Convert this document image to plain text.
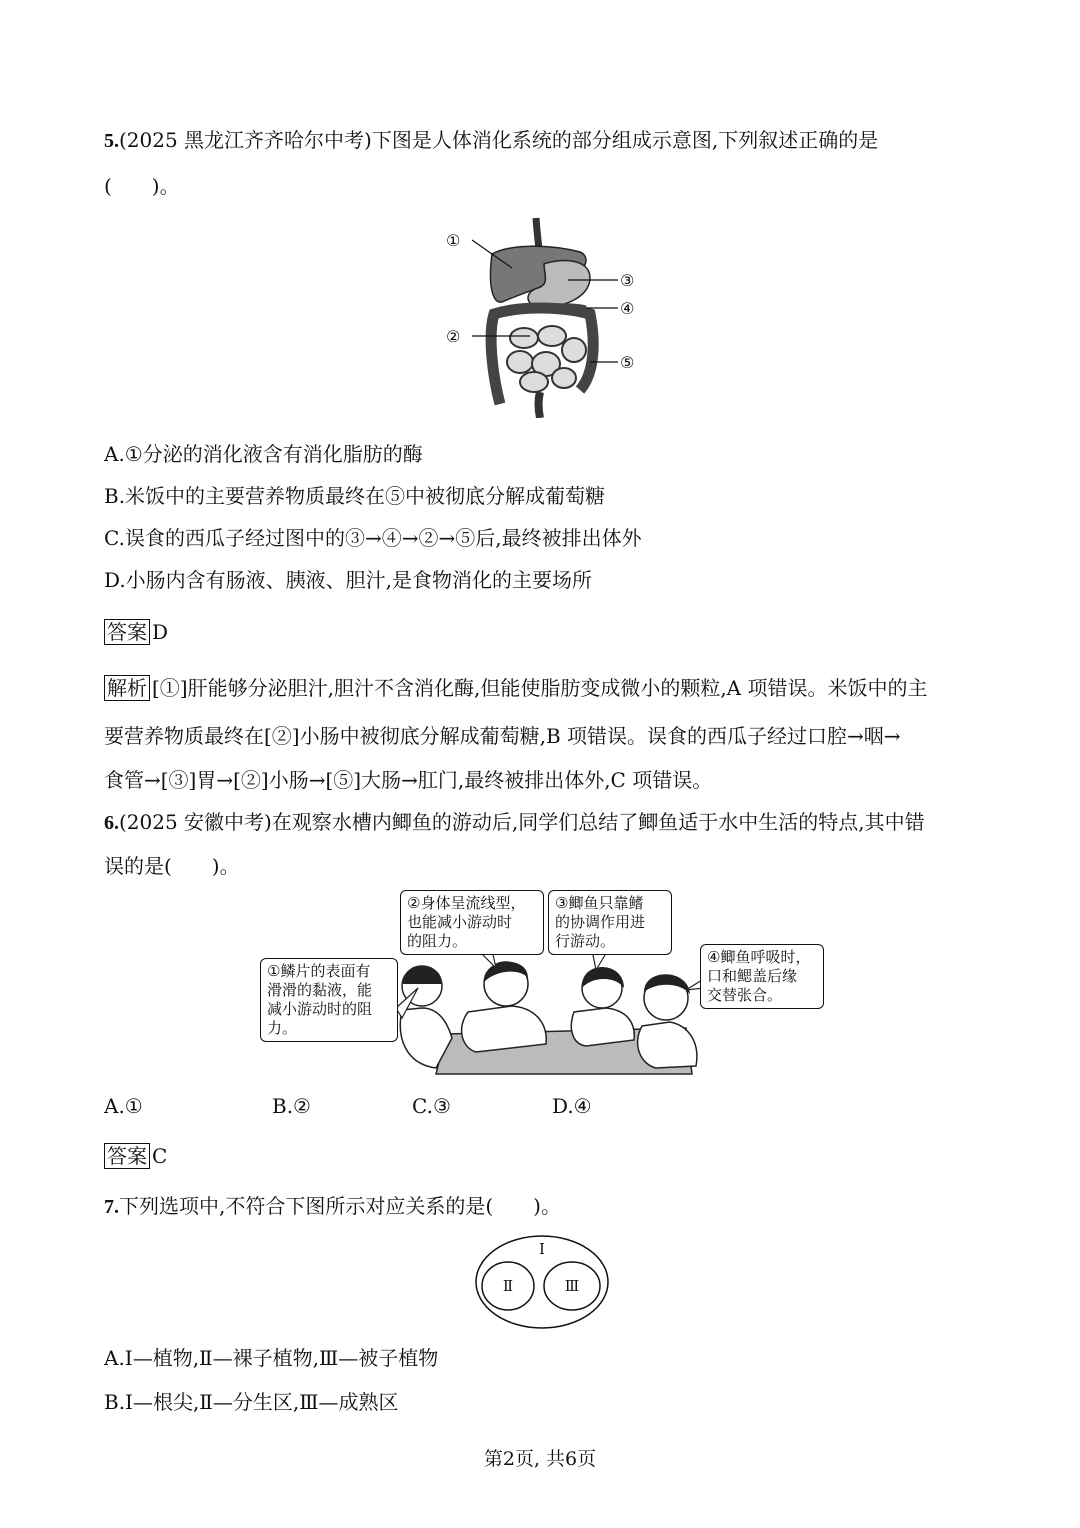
5.(2025 黑龙江齐齐哈尔中考)下图是人体消化系统的部分组成示意图,下列叙述正确的是
(　　)。
①
②
③
④
⑤
A.①分泌的消化液含有消化脂肪的酶
B.米饭中的主要营养物质最终在⑤中被彻底分解成葡萄糖
C.误食的西瓜子经过图中的③→④→②→⑤后,最终被排出体外
D.小肠内含有肠液、胰液、胆汁,是食物消化的主要场所
答案 D
解析 [①]肝能够分泌胆汁,胆汁不含消化酶,但能使脂肪变成微小的颗粒,A 项错误。米饭中的主
要营养物质最终在[②]小肠中被彻底分解成葡萄糖,B 项错误。误食的西瓜子经过口腔→咽→
食管→[③]胃→[②]小肠→[⑤]大肠→肛门,最终被排出体外,C 项错误。
6.(2025 安徽中考)在观察水槽内鲫鱼的游动后,同学们总结了鲫鱼适于水中生活的特点,其中错
误的是(　　)。
①鳞片的表面有
滑滑的黏液，能
减小游动时的阻
力。
②身体呈流线型，
也能减小游动时
的阻力。
③鲫鱼只靠鳍
的协调作用进
行游动。
④鲫鱼呼吸时，
口和鳃盖后缘
交替张合。
A.①	B.②	C.③	D.④
答案 C
7.下列选项中,不符合下图所示对应关系的是(　　)。
Ⅰ
Ⅱ	Ⅲ
A.Ⅰ—植物,Ⅱ—裸子植物,Ⅲ—被子植物
B.Ⅰ—根尖,Ⅱ—分生区,Ⅲ—成熟区
第2页, 共6页
